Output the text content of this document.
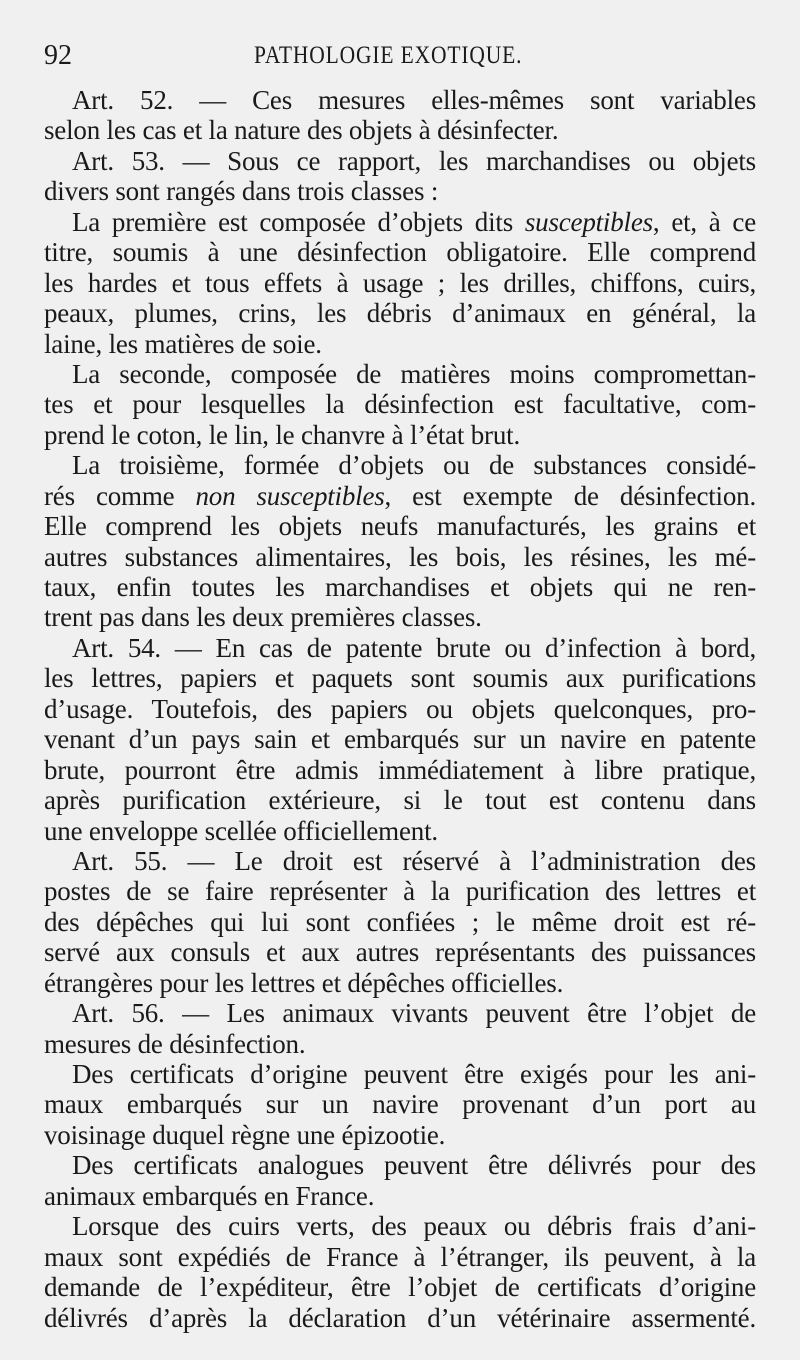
92	PATHOLOGIE EXOTIQUE.
Art. 52. — Ces mesures elles-mêmes sont variables
selon les cas et la nature des objets à désinfecter.
Art. 53. — Sous ce rapport, les marchandises ou objets
divers sont rangés dans trois classes :
La première est composée d’objets dits susceptibles, et, à ce
titre, soumis à une désinfection obligatoire. Elle comprend
les hardes et tous effets à usage ; les drilles, chiffons, cuirs,
peaux, plumes, crins, les débris d’animaux en général, la
laine, les matières de soie.
La seconde, composée de matières moins compromettan-
tes et pour lesquelles la désinfection est facultative, com-
prend le coton, le lin, le chanvre à l’état brut.
La troisième, formée d’objets ou de substances considé-
rés comme non susceptibles, est exempte de désinfection.
Elle comprend les objets neufs manufacturés, les grains et
autres substances alimentaires, les bois, les résines, les mé-
taux, enfin toutes les marchandises et objets qui ne ren-
trent pas dans les deux premières classes.
Art. 54. — En cas de patente brute ou d’infection à bord,
les lettres, papiers et paquets sont soumis aux purifications
d’usage. Toutefois, des papiers ou objets quelconques, pro-
venant d’un pays sain et embarqués sur un navire en patente
brute, pourront être admis immédiatement à libre pratique,
après purification extérieure, si le tout est contenu dans
une enveloppe scellée officiellement.
Art. 55. — Le droit est réservé à l’administration des
postes de se faire représenter à la purification des lettres et
des dépêches qui lui sont confiées ; le même droit est ré-
servé aux consuls et aux autres représentants des puissances
étrangères pour les lettres et dépêches officielles.
Art. 56. — Les animaux vivants peuvent être l’objet de
mesures de désinfection.
Des certificats d’origine peuvent être exigés pour les ani-
maux embarqués sur un navire provenant d’un port au
voisinage duquel règne une épizootie.
Des certificats analogues peuvent être délivrés pour des
animaux embarqués en France.
Lorsque des cuirs verts, des peaux ou débris frais d’ani-
maux sont expédiés de France à l’étranger, ils peuvent, à la
demande de l’expéditeur, être l’objet de certificats d’origine
délivrés d’après la déclaration d’un vétérinaire assermenté.
